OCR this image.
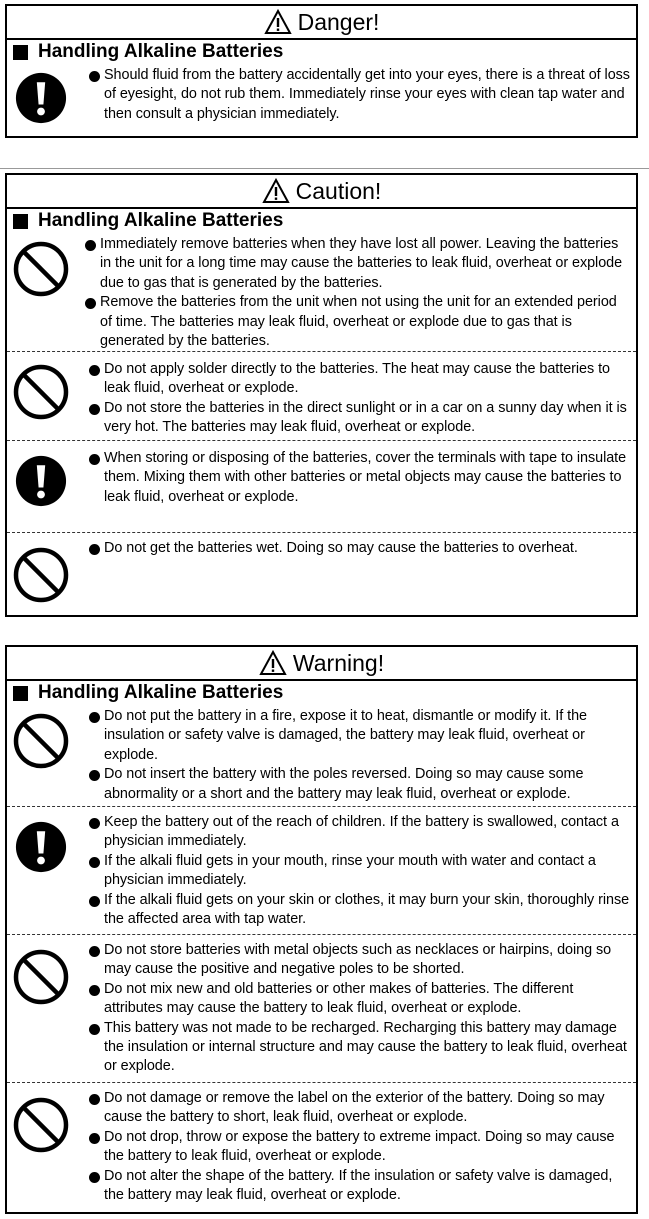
Danger!
Handling Alkaline Batteries
Should fluid from the battery accidentally get into your eyes, there is a threat of loss of eyesight, do not rub them. Immediately rinse your eyes with clean tap water and then consult a physician immediately.
Caution!
Handling Alkaline Batteries
Immediately remove batteries when they have lost all power. Leaving the batteries in the unit for a long time may cause the batteries to leak fluid, overheat or explode due to gas that is generated by the batteries.
Remove the batteries from the unit when not using the unit for an extended period of time. The batteries may leak fluid, overheat or explode due to gas that is generated by the batteries.
Do not apply solder directly to the batteries. The heat may cause the batteries to leak fluid, overheat or explode.
Do not store the batteries in the direct sunlight or in a car on a sunny day when it is very hot. The batteries may leak fluid, overheat or explode.
When storing or disposing of the batteries, cover the terminals with tape to insulate them. Mixing them with other batteries or metal objects may cause the batteries to leak fluid, overheat or explode.
Do not get the batteries wet. Doing so may cause the batteries to overheat.
Warning!
Handling Alkaline Batteries
Do not put the battery in a fire, expose it to heat, dismantle or modify it. If the insulation or safety valve is damaged, the battery may leak fluid, overheat or explode.
Do not insert the battery with the poles reversed. Doing so may cause some abnormality or a short and the battery may leak fluid, overheat or explode.
Keep the battery out of the reach of children. If the battery is swallowed, contact a physician immediately.
If the alkali fluid gets in your mouth, rinse your mouth with water and contact a physician immediately.
If the alkali fluid gets on your skin or clothes, it may burn your skin, thoroughly rinse the affected area with tap water.
Do not store batteries with metal objects such as necklaces or hairpins, doing so may cause the positive and negative poles to be shorted.
Do not mix new and old batteries or other makes of batteries. The different attributes may cause the battery to leak fluid, overheat or explode.
This battery was not made to be recharged. Recharging this battery may damage the insulation or internal structure and may cause the battery to leak fluid, overheat or explode.
Do not damage or remove the label on the exterior of the battery. Doing so may cause the battery to short, leak fluid, overheat or explode.
Do not drop, throw or expose the battery to extreme impact. Doing so may cause the battery to leak fluid, overheat or explode.
Do not alter the shape of the battery. If the insulation or safety valve is damaged, the battery may leak fluid, overheat or explode.
